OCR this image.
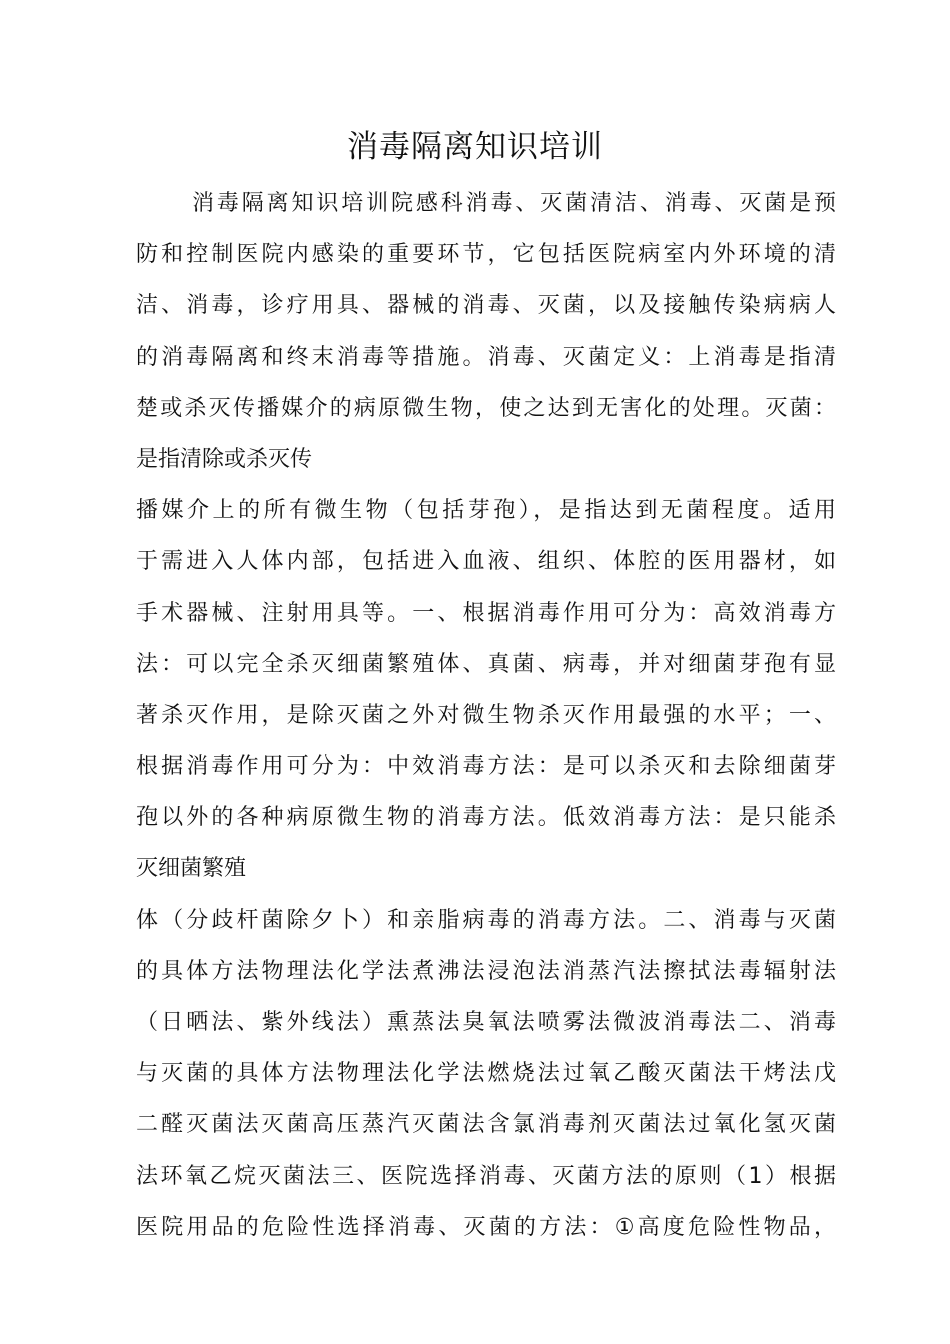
消毒隔离知识培训
消毒隔离知识培训院感科消毒、灭菌清洁、消毒、灭菌是预
防和控制医院内感染的重要环节，它包括医院病室内外环境的清
洁、消毒，诊疗用具、器械的消毒、灭菌，以及接触传染病病人
的消毒隔离和终末消毒等措施。消毒、灭菌定义：上消毒是指清
楚或杀灭传播媒介的病原微生物，使之达到无害化的处理。灭菌：
是指清除或杀灭传
播媒介上的所有微生物（包括芽孢），是指达到无菌程度。适用
于需进入人体内部，包括进入血液、组织、体腔的医用器材，如
手术器械、注射用具等。一、根据消毒作用可分为：高效消毒方
法：可以完全杀灭细菌繁殖体、真菌、病毒，并对细菌芽孢有显
著杀灭作用，是除灭菌之外对微生物杀灭作用最强的水平；一、
根据消毒作用可分为：中效消毒方法：是可以杀灭和去除细菌芽
孢以外的各种病原微生物的消毒方法。低效消毒方法：是只能杀
灭细菌繁殖
体（分歧杆菌除夕卜）和亲脂病毒的消毒方法。二、消毒与灭菌
的具体方法物理法化学法煮沸法浸泡法消蒸汽法擦拭法毒辐射法
（日晒法、紫外线法）熏蒸法臭氧法喷雾法微波消毒法二、消毒
与灭菌的具体方法物理法化学法燃烧法过氧乙酸灭菌法干烤法戊
二醛灭菌法灭菌高压蒸汽灭菌法含氯消毒剂灭菌法过氧化氢灭菌
法环氧乙烷灭菌法三、医院选择消毒、灭菌方法的原则（1）根据
医院用品的危险性选择消毒、灭菌的方法：①高度危险性物品，
